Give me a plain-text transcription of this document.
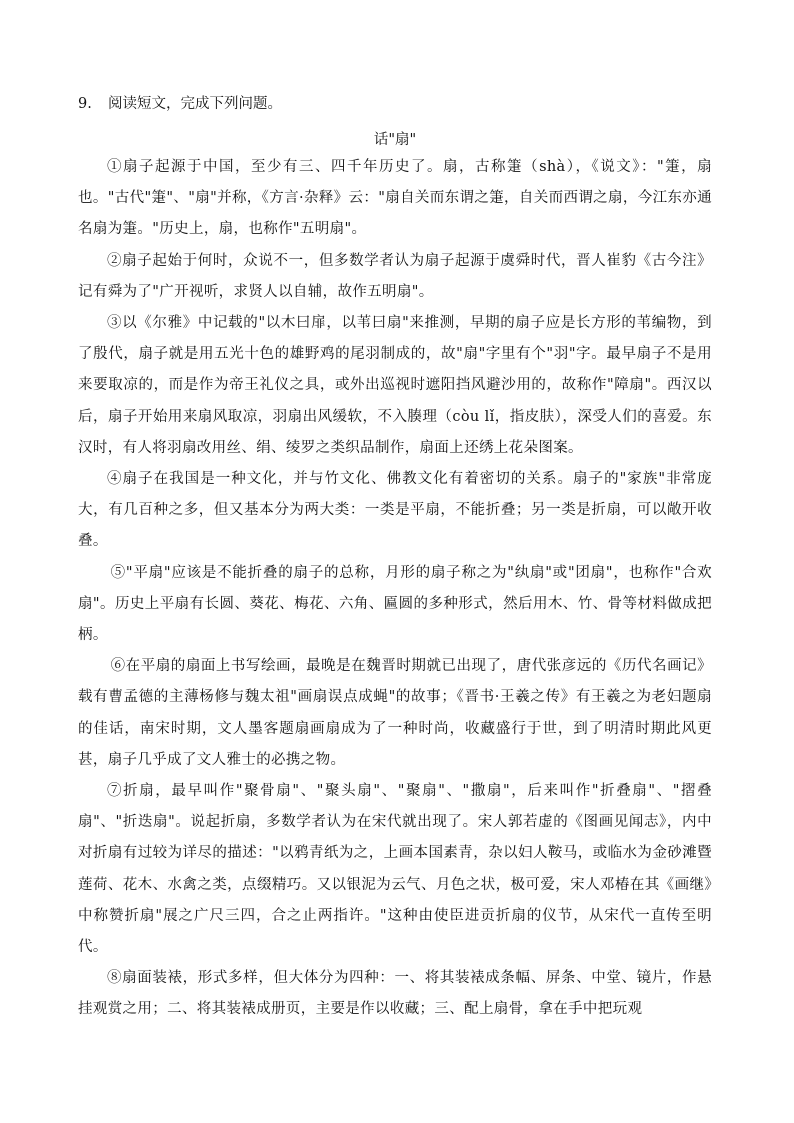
9. 阅读短文，完成下列问题。
话"扇"

①扇子起源于中国，至少有三、四千年历史了。扇，古称箑（shà），《说文》："箑，扇也。"古代"箑"、"扇"并称，《方言·杂释》云："扇自关而东谓之箑，自关而西谓之扇，今江东亦通名扇为箑。"历史上，扇，也称作"五明扇"。

②扇子起始于何时，众说不一，但多数学者认为扇子起源于虞舜时代，晋人崔豹《古今注》记有舜为了"广开视听，求贤人以自辅，故作五明扇"。

③以《尔雅》中记载的"以木曰扉，以苇曰扇"来推测，早期的扇子应是长方形的苇编物，到了殷代，扇子就是用五光十色的雄野鸡的尾羽制成的，故"扇"字里有个"羽"字。最早扇子不是用来要取凉的，而是作为帝王礼仪之具，或外出巡视时遮阳挡风避沙用的，故称作"障扇"。西汉以后，扇子开始用来扇风取凉，羽扇出风缓软，不入腠理（còu lǐ，指皮肤），深受人们的喜爱。东汉时，有人将羽扇改用丝、绢、绫罗之类织品制作，扇面上还绣上花朵图案。

④扇子在我国是一种文化，并与竹文化、佛教文化有着密切的关系。扇子的"家族"非常庞大，有几百种之多，但又基本分为两大类：一类是平扇，不能折叠；另一类是折扇，可以敞开收叠。

⑤"平扇"应该是不能折叠的扇子的总称，月形的扇子称之为"纨扇"或"团扇"，也称作"合欢扇"。历史上平扇有长圆、葵花、梅花、六角、匾圆的多种形式，然后用木、竹、骨等材料做成把柄。

⑥在平扇的扇面上书写绘画，最晚是在魏晋时期就已出现了，唐代张彦远的《历代名画记》载有曹孟德的主薄杨修与魏太祖"画扇误点成蝇"的故事；《晋书·王羲之传》有王羲之为老妇题扇的佳话，南宋时期，文人墨客题扇画扇成为了一种时尚，收藏盛行于世，到了明清时期此风更甚，扇子几乎成了文人雅士的必携之物。

⑦折扇，最早叫作"聚骨扇"、"聚头扇"、"聚扇"、"撒扇"，后来叫作"折叠扇"、"摺叠扇"、"折迭扇"。说起折扇，多数学者认为在宋代就出现了。宋人郭若虚的《图画见闻志》，内中对折扇有过较为详尽的描述："以鸦青纸为之，上画本国素青，杂以妇人鞍马，或临水为金砂滩暨莲荷、花木、水禽之类，点缀精巧。又以银泥为云气、月色之状，极可爱，宋人邓椿在其《画继》中称赞折扇"展之广尺三四，合之止两指许。"这种由使臣进贡折扇的仪节，从宋代一直传至明代。

⑧扇面装裱，形式多样，但大体分为四种：一、将其装裱成条幅、屏条、中堂、镜片，作悬挂观赏之用；二、将其装裱成册页，主要是作以收藏；三、配上扇骨，拿在手中把玩观
